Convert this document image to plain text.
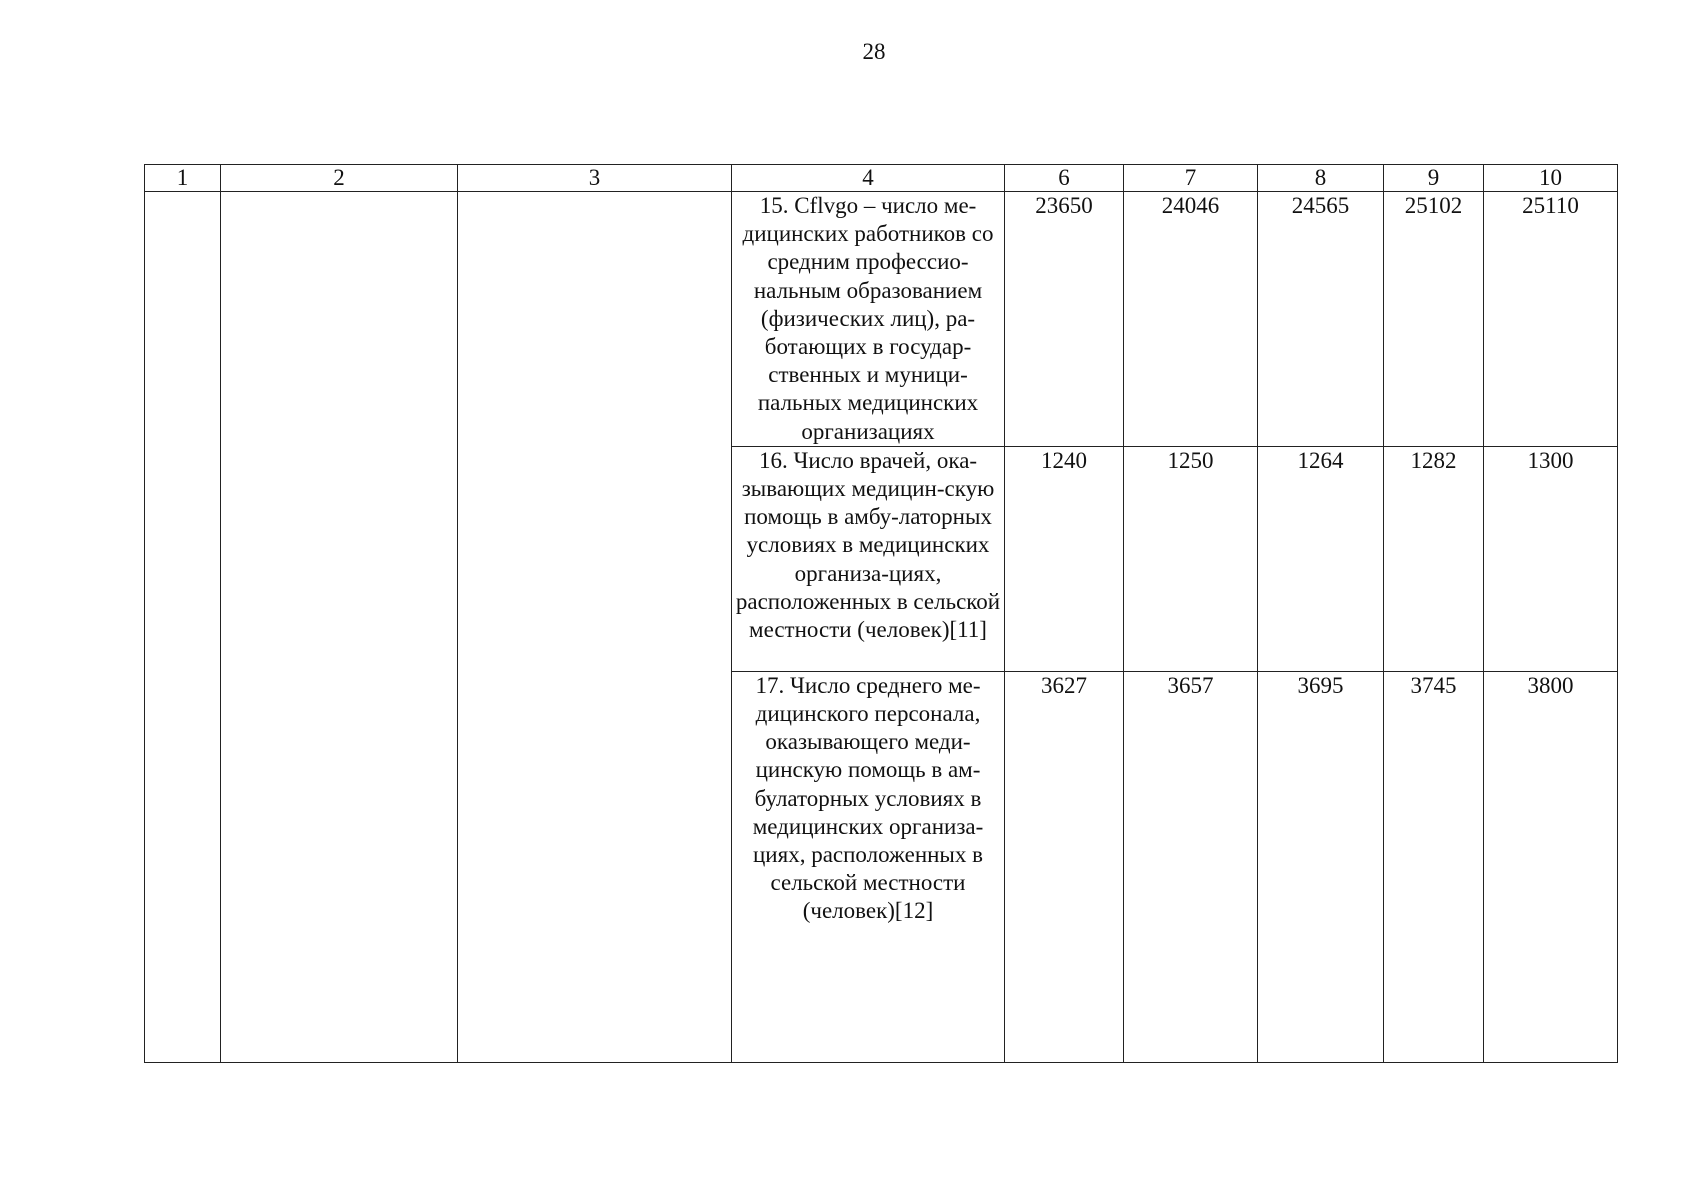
28
1	2	3	4	6	7	8	9	10
			15. Cflvgo – число ме-дицинских работников со средним профессио-нальным образованием (физических лиц), ра-ботающих в государ-ственных и муници-пальных медицинских организациях	23650	24046	24565	25102	25110
			16. Число врачей, ока-зывающих медицин-скую помощь в амбу-латорных условиях в медицинских организа-циях, расположенных в сельской местности (человек)[11]	1240	1250	1264	1282	1300
			17. Число среднего ме-дицинского персонала, оказывающего меди-цинскую помощь в ам-булаторных условиях в медицинских организа-циях, расположенных в сельской местности (человек)[12]	3627	3657	3695	3745	3800
